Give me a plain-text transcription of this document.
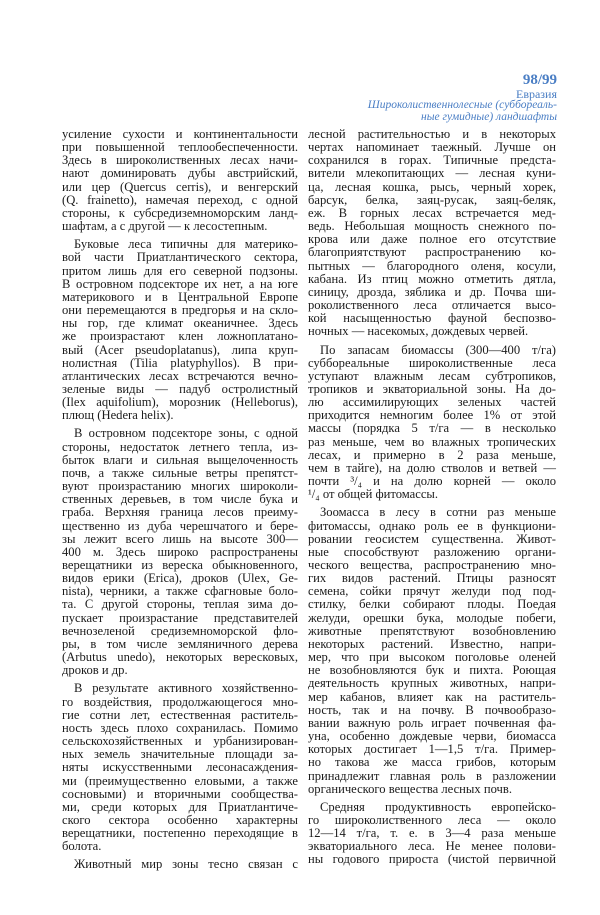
98/99
Евразия
Широколиственнолесные (суббореаль-
ные гумидные) ландшафты
усиление сухости и континентальности
при повышенной теплообеспеченности.
Здесь в широколиственных лесах начи-
нают доминировать дубы австрийский,
или цер (Quercus cerris), и венгерский
(Q. frainetto), намечая переход, с одной
стороны, к субсредиземноморским ланд-
шафтам, а с другой — к лесостепным.
Буковые леса типичны для материко-
вой части Приатлантического сектора,
притом лишь для его северной подзоны.
В островном подсекторе их нет, а на юге
материкового и в Центральной Европе
они перемещаются в предгорья и на скло-
ны гор, где климат океаничнее. Здесь
же произрастают клен ложноплатано-
вый (Acer pseudoplatanus), липа круп-
нолистная (Tilia platyphyllos). В при-
атлантических лесах встречаются вечно-
зеленые виды — падуб остролистный
(Ilex aquifolium), морозник (Helleborus),
плющ (Hedera helix).
В островном подсекторе зоны, с одной
стороны, недостаток летнего тепла, из-
быток влаги и сильная выщелоченность
почв, а также сильные ветры препятст-
вуют произрастанию многих широколи-
ственных деревьев, в том числе бука и
граба. Верхняя граница лесов преиму-
щественно из дуба черешчатого и бере-
зы лежит всего лишь на высоте 300—
400 м. Здесь широко распространены
верещатники из вереска обыкновенного,
видов ерики (Erica), дроков (Ulex, Ge-
nista), черники, а также сфагновые боло-
та. С другой стороны, теплая зима до-
пускает произрастание представителей
вечнозеленой средиземноморской фло-
ры, в том числе земляничного дерева
(Arbutus unedo), некоторых вересковых,
дроков и др.
В результате активного хозяйственно-
го воздействия, продолжающегося мно-
гие сотни лет, естественная раститель-
ность здесь плохо сохранилась. Помимо
сельскохозяйственных и урбанизирован-
ных земель значительные площади за-
няты искусственными лесонасаждения-
ми (преимущественно еловыми, а также
сосновыми) и вторичными сообщества-
ми, среди которых для Приатлантиче-
ского сектора особенно характерны
верещатники, постепенно переходящие в
болота.
Животный мир зоны тесно связан с
лесной растительностью и в некоторых
чертах напоминает таежный. Лучше он
сохранился в горах. Типичные предста-
вители млекопитающих — лесная куни-
ца, лесная кошка, рысь, черный хорек,
барсук, белка, заяц-русак, заяц-беляк,
еж. В горных лесах встречается мед-
ведь. Небольшая мощность снежного по-
крова или даже полное его отсутствие
благоприятствуют распространению ко-
пытных — благородного оленя, косули,
кабана. Из птиц можно отметить дятла,
синицу, дрозда, зяблика и др. Почва ши-
роколиственного леса отличается высо-
кой насыщенностью фауной беспозво-
ночных — насекомых, дождевых червей.
По запасам биомассы (300—400 т/га)
суббореальные широколиственные леса
уступают влажным лесам субтропиков,
тропиков и экваториальной зоны. На до-
лю ассимилирующих зеленых частей
приходится немногим более 1% от этой
массы (порядка 5 т/га — в несколько
раз меньше, чем во влажных тропических
лесах, и примерно в 2 раза меньше,
чем в тайге), на долю стволов и ветвей —
почти ³/₄ и на долю корней — около
¹/₄ от общей фитомассы.
Зоомасса в лесу в сотни раз меньше
фитомассы, однако роль ее в функциони-
ровании геосистем существенна. Живот-
ные способствуют разложению органи-
ческого вещества, распространению мно-
гих видов растений. Птицы разносят
семена, сойки прячут желуди под под-
стилку, белки собирают плоды. Поедая
желуди, орешки бука, молодые побеги,
животные препятствуют возобновлению
некоторых растений. Известно, напри-
мер, что при высоком поголовье оленей
не возобновляются бук и пихта. Роющая
деятельность крупных животных, напри-
мер кабанов, влияет как на раститель-
ность, так и на почву. В почвообразо-
вании важную роль играет почвенная фа-
уна, особенно дождевые черви, биомасса
которых достигает 1—1,5 т/га. Пример-
но такова же масса грибов, которым
принадлежит главная роль в разложении
органического вещества лесных почв.
Средняя продуктивность европейско-
го широколиственного леса — около
12—14 т/га, т. е. в 3—4 раза меньше
экваториального леса. Не менее полови-
ны годового прироста (чистой первичной
